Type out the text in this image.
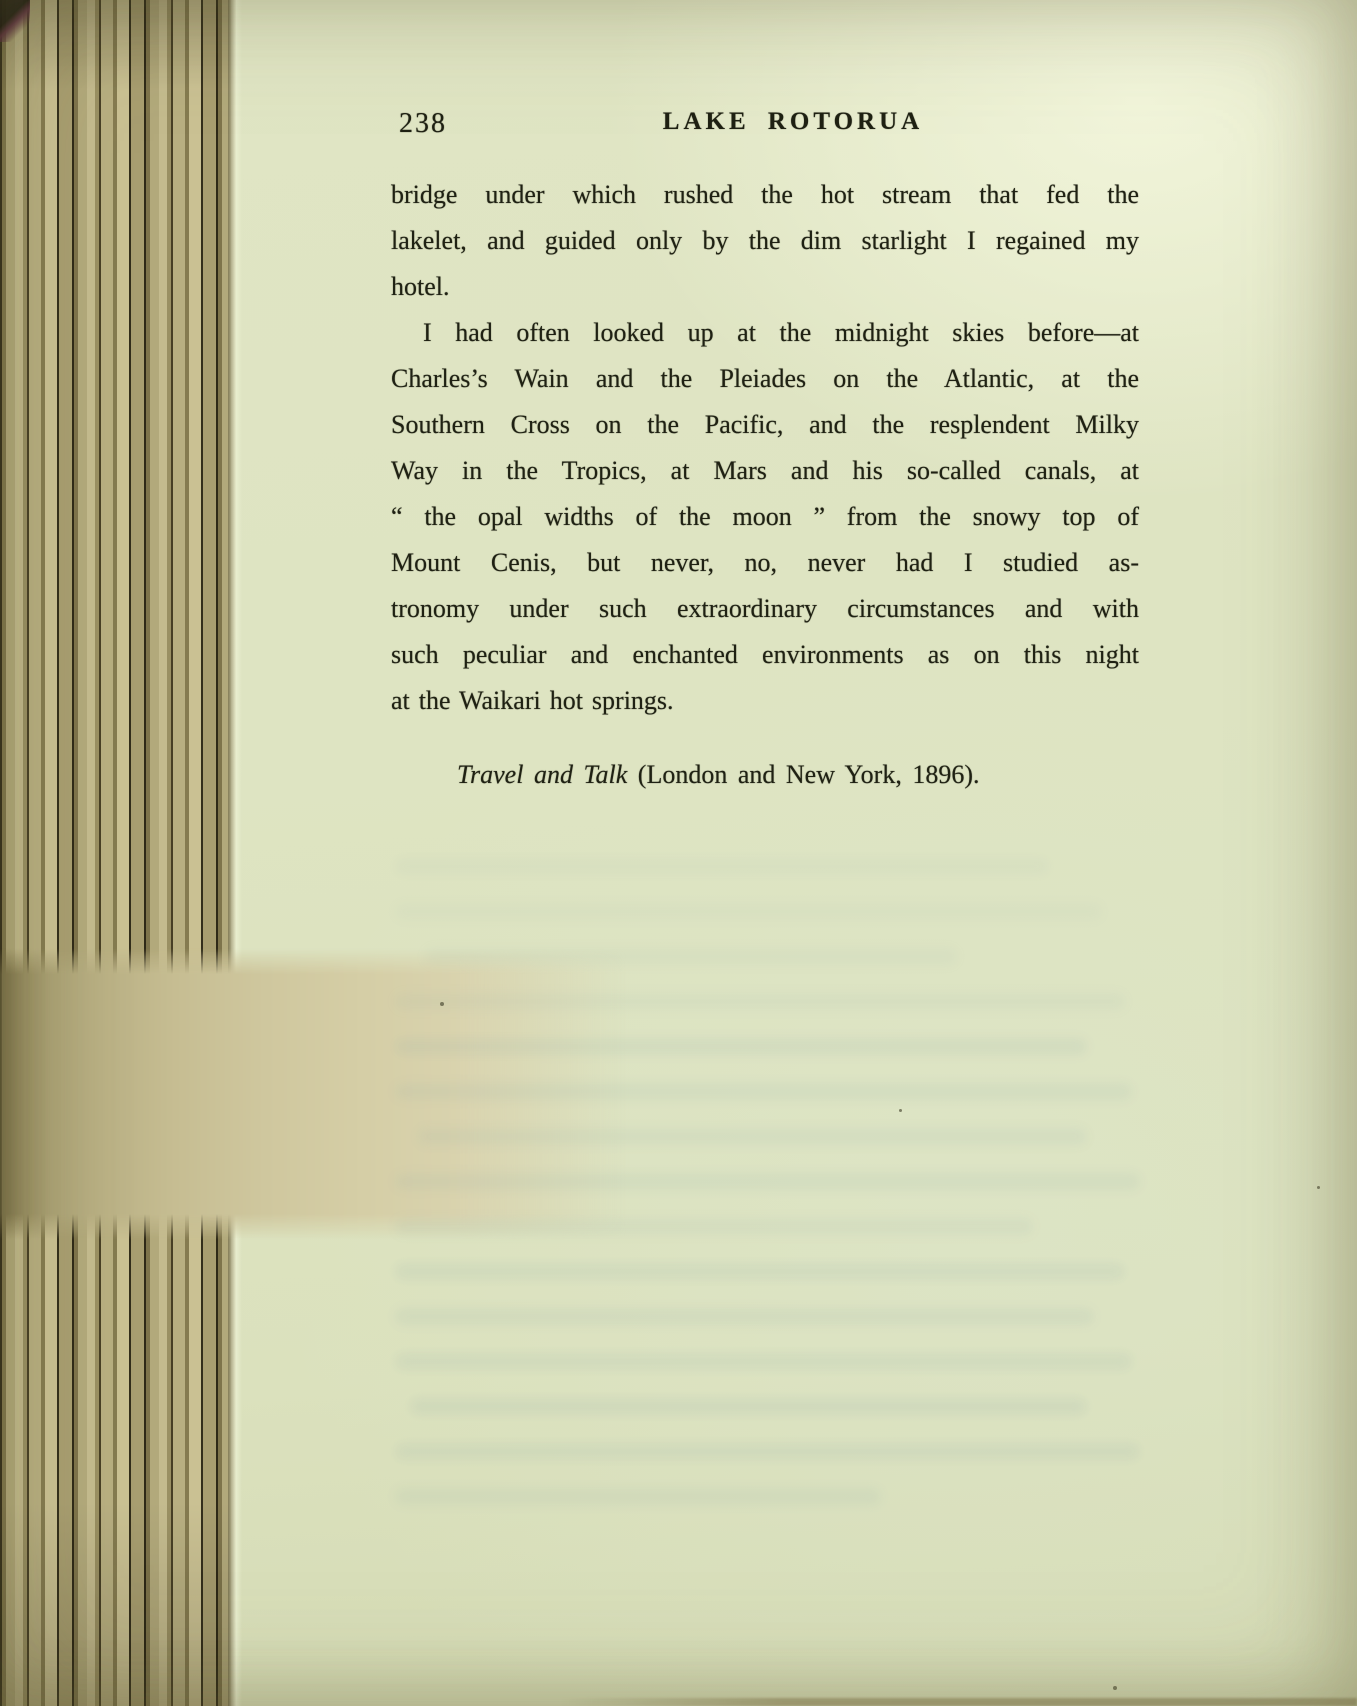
238	LAKE ROTORUA
bridge under which rushed the hot stream that fed the
lakelet, and guided only by the dim starlight I regained my
hotel.
I had often looked up at the midnight skies before—at
Charles’s Wain and the Pleiades on the Atlantic, at the
Southern Cross on the Pacific, and the resplendent Milky
Way in the Tropics, at Mars and his so-called canals, at
“ the opal widths of the moon ” from the snowy top of
Mount Cenis, but never, no, never had I studied as-
tronomy under such extraordinary circumstances and with
such peculiar and enchanted environments as on this night
at the Waikari hot springs.
Travel and Talk (London and New York, 1896).
